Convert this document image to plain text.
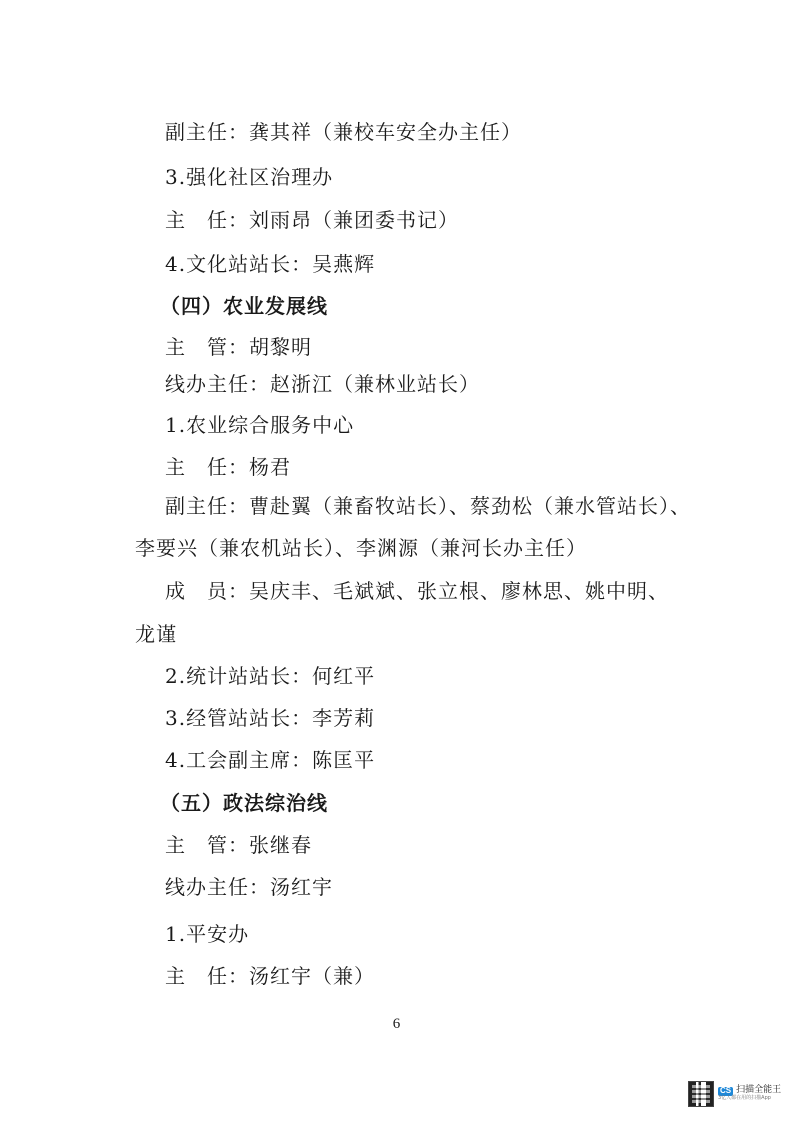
副主任：龚其祥（兼校车安全办主任）
3.强化社区治理办
主　任：刘雨昂（兼团委书记）
4.文化站站长：吴燕辉
（四）农业发展线
主　管：胡黎明
线办主任：赵浙江（兼林业站长）
1.农业综合服务中心
主　任：杨君
副主任：曹赴翼（兼畜牧站长）、蔡劲松（兼水管站长）、
李要兴（兼农机站长）、李渊源（兼河长办主任）
成　员：吴庆丰、毛斌斌、张立根、廖林思、姚中明、
龙谨
2.统计站站长：何红平
3.经管站站长：李芳莉
4.工会副主席：陈匡平
（五）政法综治线
主　管：张继春
线办主任：汤红宇
1.平安办
主　任：汤红宇（兼）
6
CS 扫描全能王
3亿人都在用的扫描App
